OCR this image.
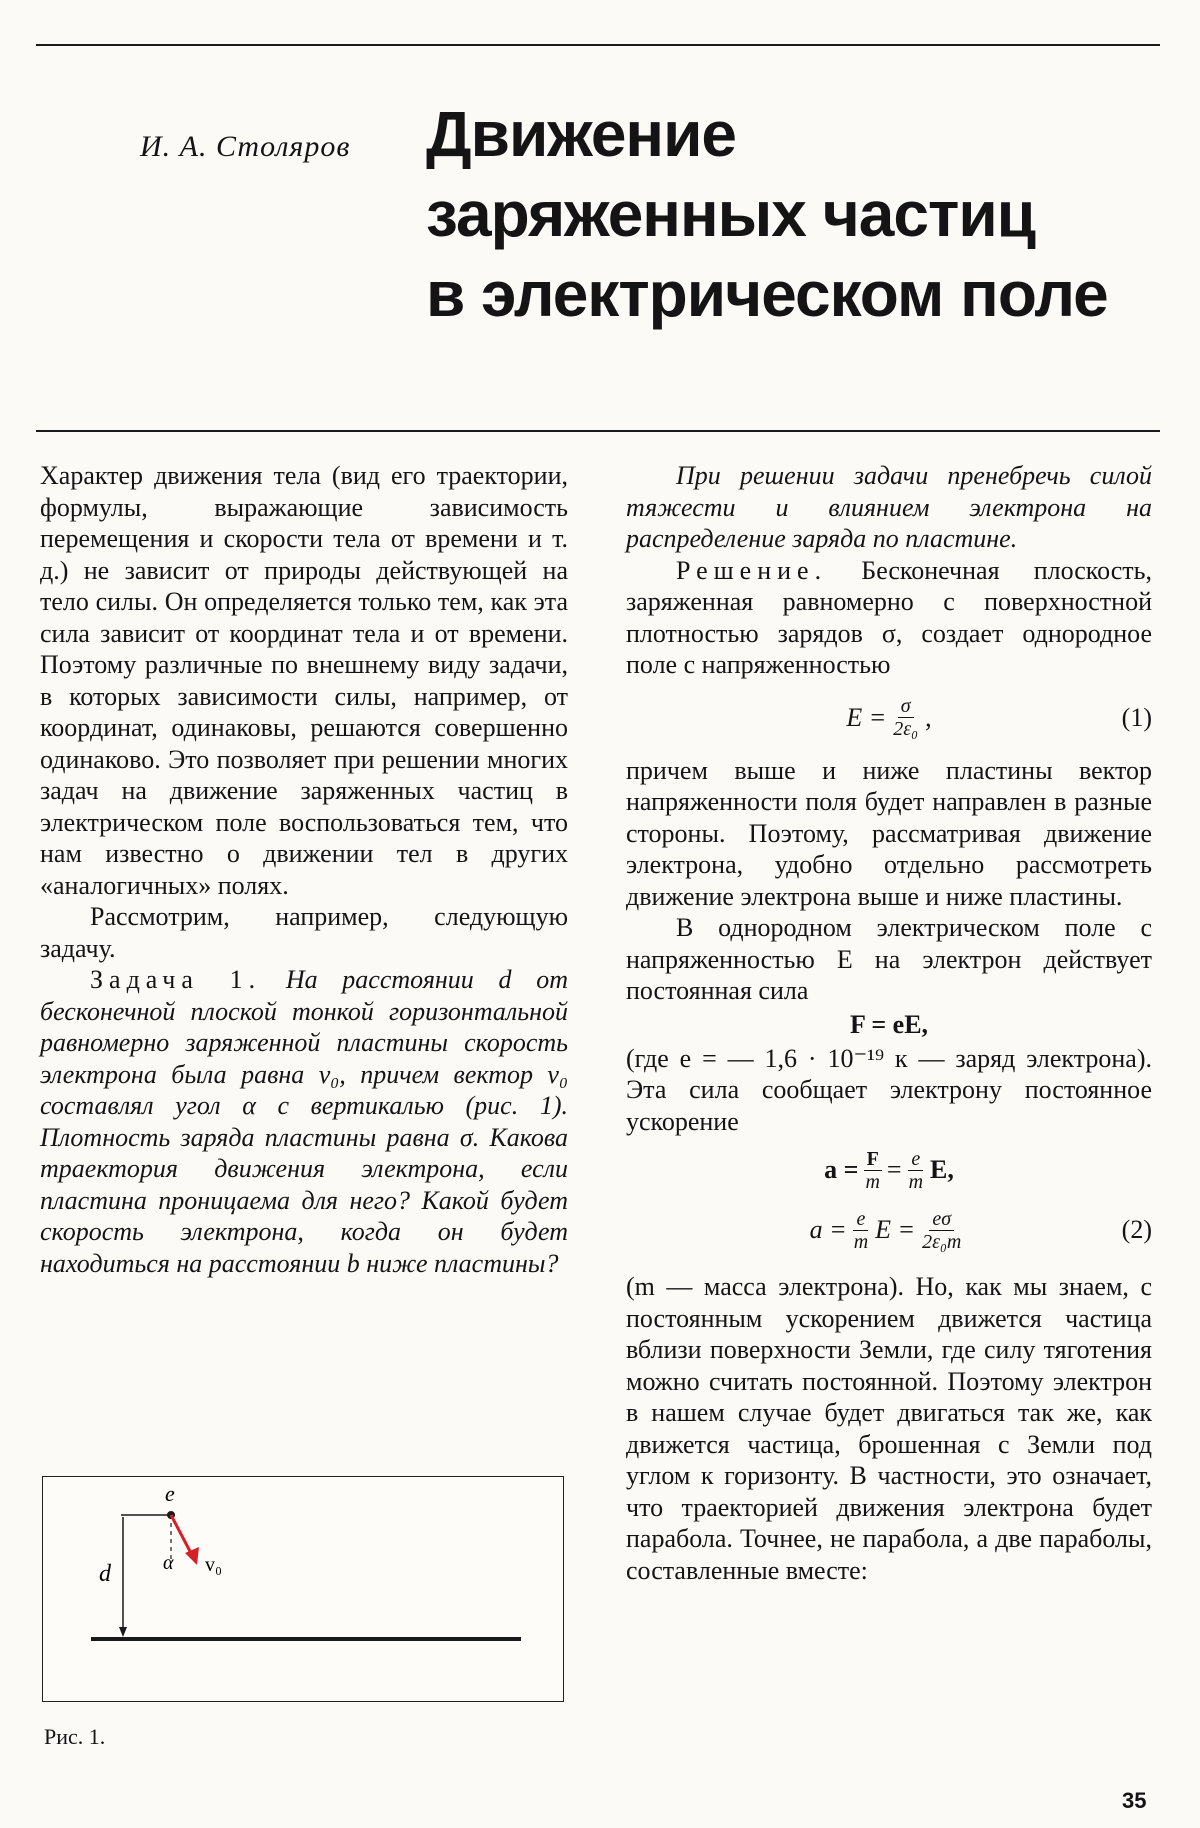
И. А. Столяров Движение
заряженных частиц
в электрическом поле

Характер движения тела (вид его траектории, формулы, выражающие зависимость перемещения и скорости тела от времени и т. д.) не зависит от природы действующей на тело силы. Он определяется только тем, как эта сила зависит от координат тела и от времени. Поэтому различные по внешнему виду задачи, в которых зависимости силы, например, от координат, одинаковы, решаются совершенно одинаково. Это позволяет при решении многих задач на движение заряженных частиц в электрическом поле воспользоваться тем, что нам известно о движении тел в других «аналогичных» полях.

Рассмотрим, например, следующую задачу.

Задача 1. На расстоянии d от бесконечной плоской тонкой горизонтальной равномерно заряженной пластины скорость электрона была равна v₀, причем вектор v₀ составлял угол α с вертикалью (рис. 1). Плотность заряда пластины равна σ. Какова траектория движения электрона, если пластина проницаема для него? Какой будет скорость электрона, когда он будет находиться на расстоянии b ниже пластины?

e
d	α v₀
Рис. 1.

При решении задачи пренебречь силой тяжести и влиянием электрона на распределение заряда по пластине.

Решение. Бесконечная плоскость, заряженная равномерно с поверхностной плотностью зарядов σ, создает однородное поле с напряженностью

$E = \frac{\sigma}{\text{2ε₀}}$ ,	(1)

причем выше и ниже пластины вектор напряженности поля будет направлен в разные стороны. Поэтому, рассматривая движение электрона, удобно отдельно рассмотреть движение электрона выше и ниже пластины.

В однородном электрическом поле с напряженностью E на электрон действует постоянная сила

F = eE,

(где e = — 1,6 · 10⁻¹⁹ к — заряд электрона). Эта сила сообщает электрону постоянное ускорение

$a = \frac{F}{m} = \frac{e}{m} E$,
$a = \frac{e}{m}$ $E = \frac{e\sigma}{\text{2ε₀m}}$	(2)

(m — масса электрона). Но, как мы знаем, с постоянным ускорением движется частица вблизи поверхности Земли, где силу тяготения можно считать постоянной. Поэтому электрон в нашем случае будет двигаться так же, как движется частица, брошенная с Земли под углом к горизонту. В частности, это означает, что траекторией движения электрона будет парабола. Точнее, не парабола, а две параболы, составленные вместе:

35
